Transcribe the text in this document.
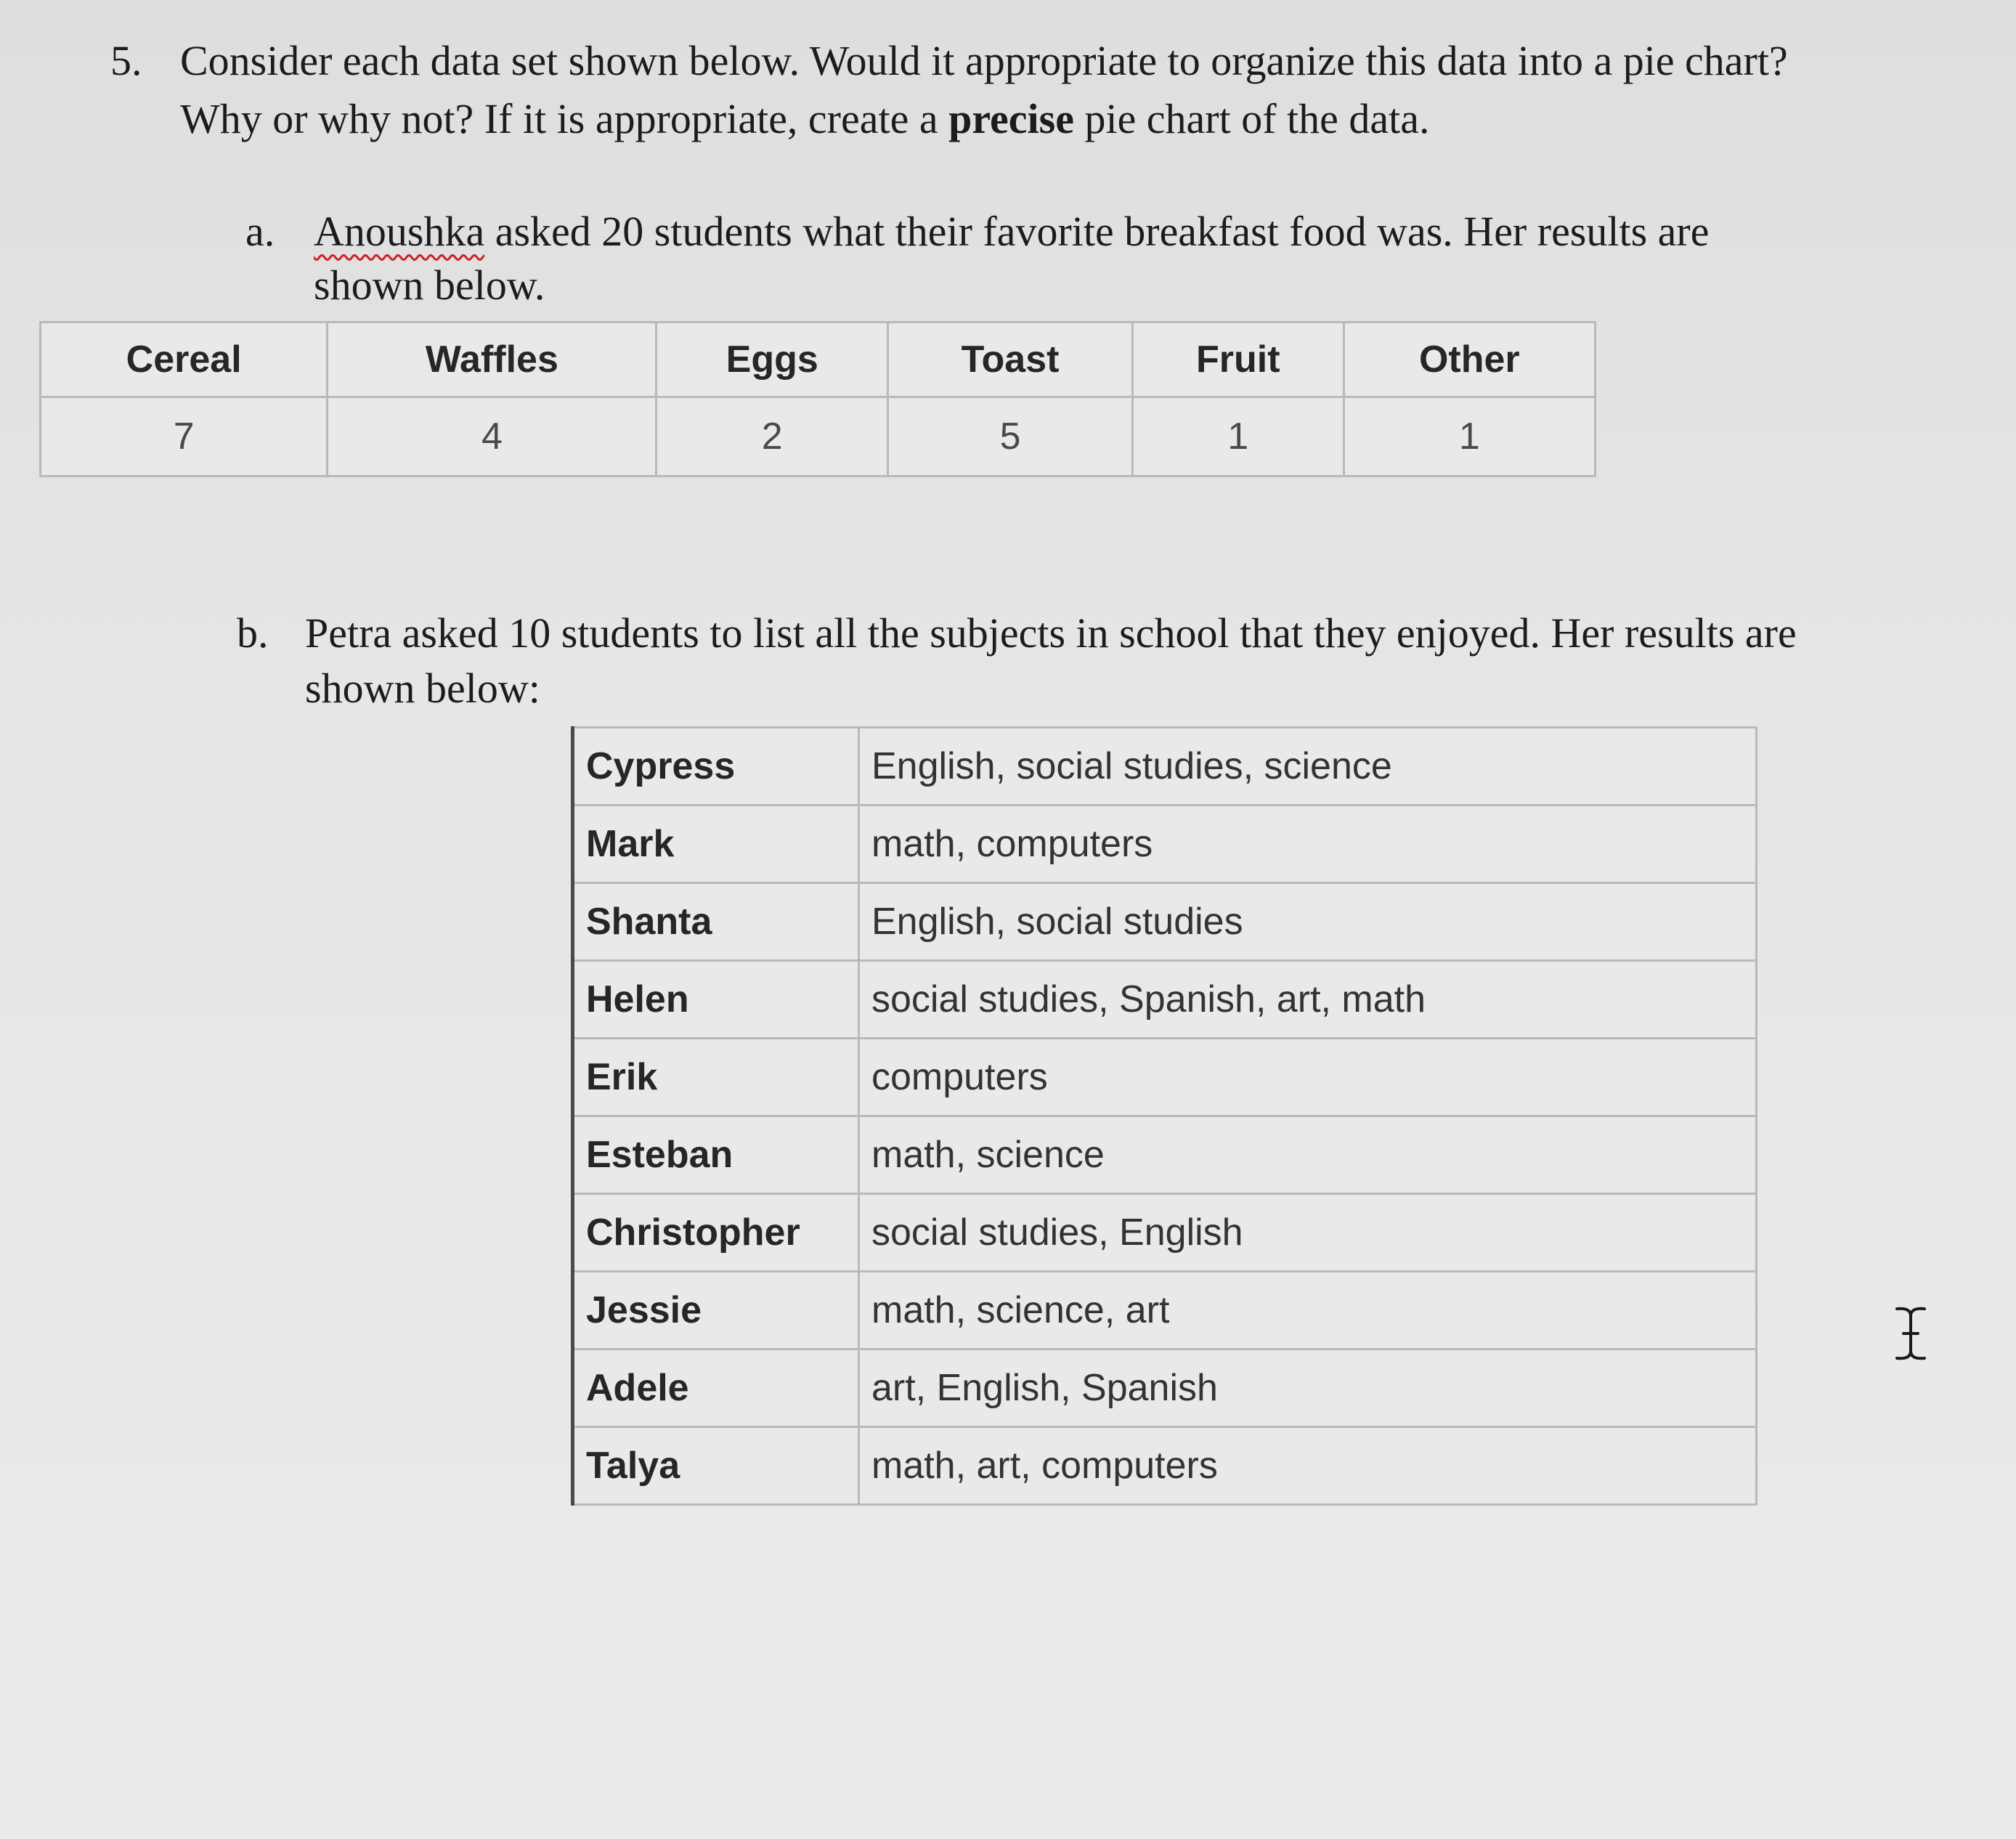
5. Consider each data set shown below. Would it appropriate to organize this data into a pie chart? Why or why not? If it is appropriate, create a precise pie chart of the data.
a. Anoushka asked 20 students what their favorite breakfast food was. Her results are shown below.
Cereal	Waffles	Eggs	Toast	Fruit	Other
7	4	2	5	1	1
b. Petra asked 10 students to list all the subjects in school that they enjoyed. Her results are shown below:
Cypress	English, social studies, science
Mark	math, computers
Shanta	English, social studies
Helen	social studies, Spanish, art, math
Erik	computers
Esteban	math, science
Christopher	social studies, English
Jessie	math, science, art
Adele	art, English, Spanish
Talya	math, art, computers
